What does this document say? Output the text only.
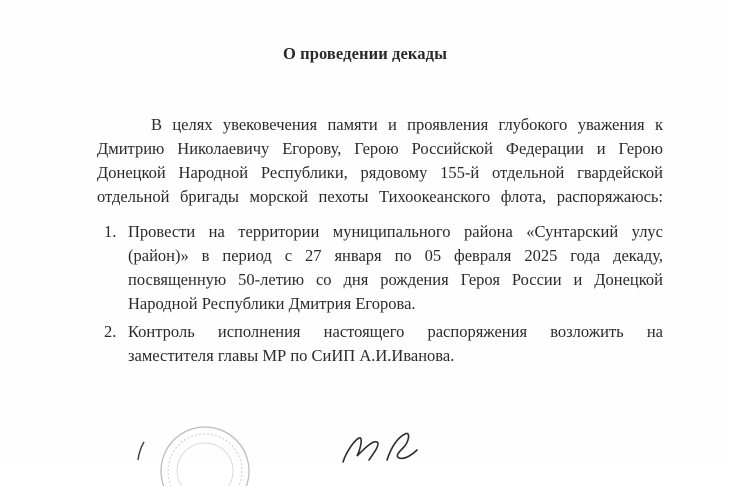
О проведении декады
В целях увековечения памяти и проявления глубокого уважения к
Дмитрию Николаевичу Егорову, Герою Российской Федерации и Герою
Донецкой Народной Республики, рядовому 155-й отдельной гвардейской
отдельной бригады морской пехоты Тихоокеанского флота, распоряжаюсь:
1. Провести на территории муниципального района «Сунтарский улус
(район)» в период с 27 января по 05 февраля 2025 года декаду,
посвященную 50-летию со дня рождения Героя России и Донецкой
Народной Республики Дмитрия Егорова.
2. Контроль исполнения настоящего распоряжения возложить на
заместителя главы МР по СиИП А.И.Иванова.
